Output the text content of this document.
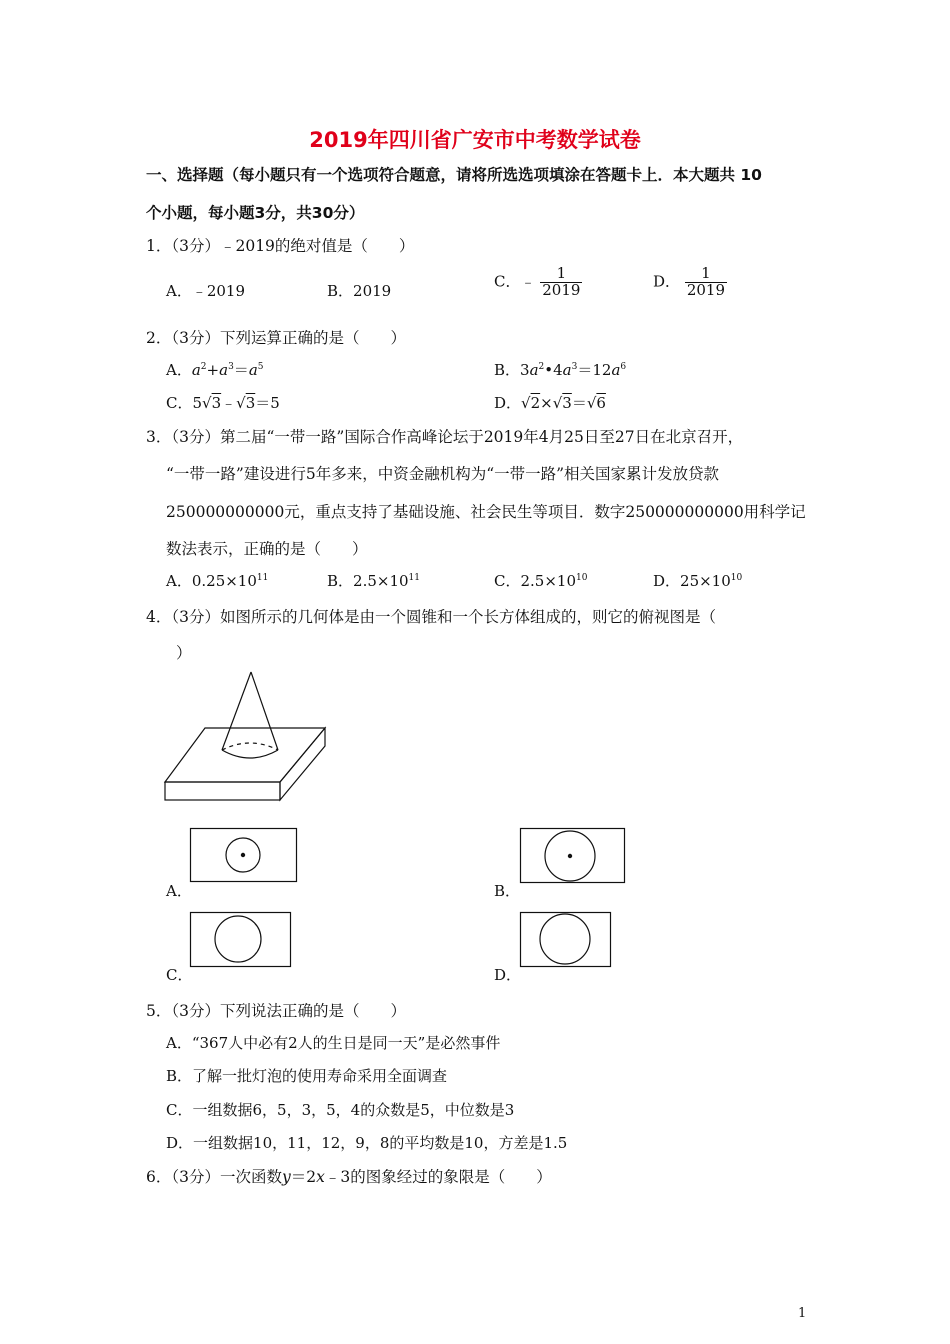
2019年四川省广安市中考数学试卷
一、选择题（每小题只有一个选项符合题意，请将所选选项填涂在答题卡上．本大题共 10
个小题，每小题3分，共30分）
1．（3分）﹣2019的绝对值是（　　）
A．﹣2019	B．2019
C．﹣ $\frac{1}{2019}$	D． $\frac{1}{2019}$
2．（3分）下列运算正确的是（　　）
A．$a^2+a^3=a^5$	B．$3a^2•4a^3=12a^6$
C．5√3﹣√3＝5	D．√2×√3＝√6
3．（3分）第二届“一带一路”国际合作高峰论坛于2019年4月25日至27日在北京召开，
“一带一路”建设进行5年多来，中资金融机构为“一带一路”相关国家累计发放贷款
250000000000元，重点支持了基础设施、社会民生等项目．数字250000000000用科学记
数法表示，正确的是（　　）
A．$0.25\times 10^{11}$	B．$2.5\times 10^{11}$	C．$2.5\times 10^{10}$	D．$25\times 10^{10}$
4．（3分）如图所示的几何体是由一个圆锥和一个长方体组成的，则它的俯视图是（
）
A．	B．
C．	D．
5．（3分）下列说法正确的是（　　）
A．“367人中必有2人的生日是同一天”是必然事件
B．了解一批灯泡的使用寿命采用全面调查
C．一组数据6，5，3，5，4的众数是5，中位数是3
D．一组数据10，11，12，9，8的平均数是10，方差是1.5
6．（3分）一次函数y＝2x﹣3的图象经过的象限是（　　）
1
